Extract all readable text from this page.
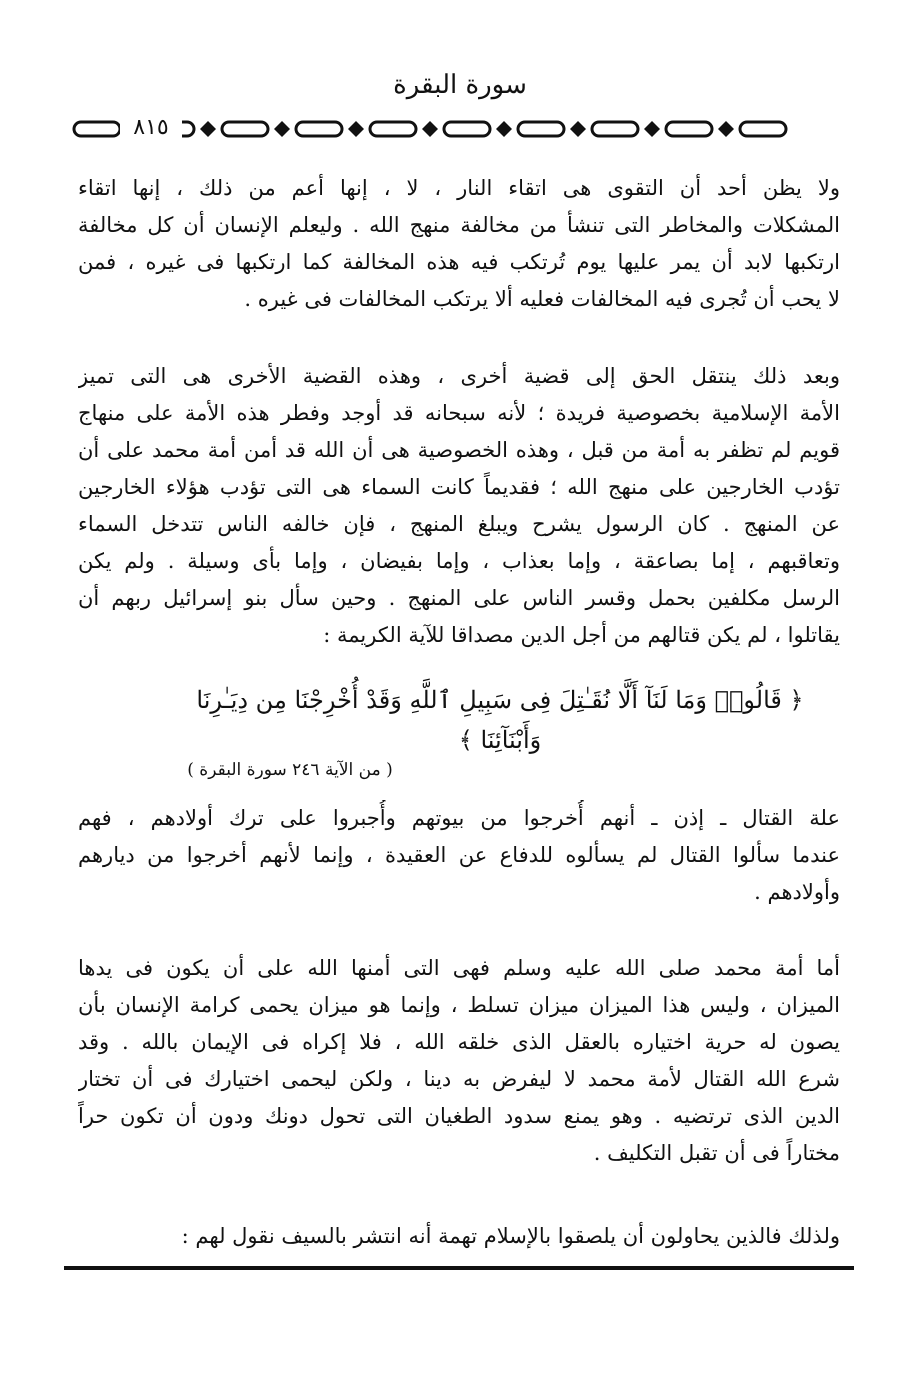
سورة البقرة
٨١٥
ولا يظن أحد أن التقوى هى اتقاء النار ، لا ، إنها أعم من ذلك ، إنها اتقاء
المشكلات والمخاطر التى تنشأ من مخالفة منهج الله . وليعلم الإنسان أن كل مخالفة
ارتكبها لابد أن يمر عليها يوم تُرتكب فيه هذه المخالفة كما ارتكبها فى غيره ، فمن
لا يحب أن تُجرى فيه المخالفات فعليه ألا يرتكب المخالفات فى غيره .
وبعد ذلك ينتقل الحق إلى قضية أخرى ، وهذه القضية الأخرى هى التى تميز
الأمة الإسلامية بخصوصية فريدة ؛ لأنه سبحانه قد أوجد وفطر هذه الأمة على منهاج
قويم لم تظفر به أمة من قبل ، وهذه الخصوصية هى أن الله قد أمن أمة محمد على أن
تؤدب الخارجين على منهج الله ؛ فقديماً كانت السماء هى التى تؤدب هؤلاء الخارجين
عن المنهج . كان الرسول يشرح ويبلغ المنهج ، فإن خالفه الناس تتدخل السماء
وتعاقبهم ، إما بصاعقة ، وإما بعذاب ، وإما بفيضان ، وإما بأى وسيلة . ولم يكن
الرسل مكلفين بحمل وقسر الناس على المنهج . وحين سأل بنو إسرائيل ربهم أن
يقاتلوا ، لم يكن قتالهم من أجل الدين مصداقا للآية الكريمة :
﴿ قَالُوا۟ وَمَا لَنَآ أَلَّا نُقَـٰتِلَ فِى سَبِيلِ ٱللَّهِ وَقَدْ أُخْرِجْنَا مِن دِيَـٰرِنَا وَأَبْنَآئِنَا ﴾
( من الآية ٢٤٦ سورة البقرة )
علة القتال ـ إذن ـ أنهم أُخرجوا من بيوتهم وأُجبروا على ترك أولادهم ، فهم
عندما سألوا القتال لم يسألوه للدفاع عن العقيدة ، وإنما لأنهم أخرجوا من ديارهم
وأولادهم .
أما أمة محمد صلى الله عليه وسلم فهى التى أمنها الله على أن يكون فى يدها
الميزان ، وليس هذا الميزان ميزان تسلط ، وإنما هو ميزان يحمى كرامة الإنسان بأن
يصون له حرية اختياره بالعقل الذى خلقه الله ، فلا إكراه فى الإيمان بالله . وقد
شرع الله القتال لأمة محمد لا ليفرض به دينا ، ولكن ليحمى اختيارك فى أن تختار
الدين الذى ترتضيه . وهو يمنع سدود الطغيان التى تحول دونك ودون أن تكون حراً
مختاراً فى أن تقبل التكليف .
ولذلك فالذين يحاولون أن يلصقوا بالإسلام تهمة أنه انتشر بالسيف نقول لهم :
